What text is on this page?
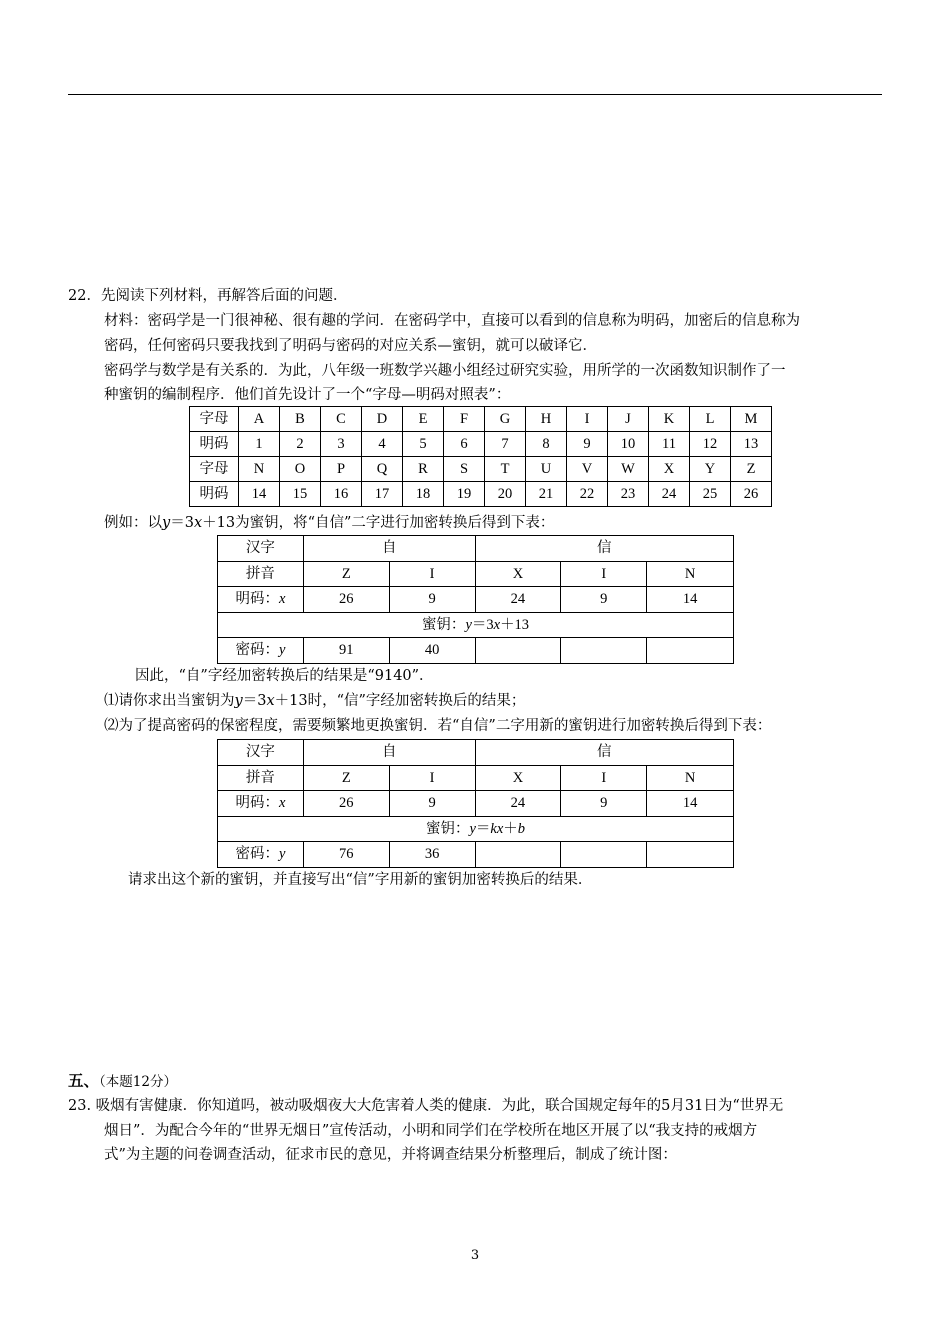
22．先阅读下列材料，再解答后面的问题．
材料：密码学是一门很神秘、很有趣的学问．在密码学中，直接可以看到的信息称为明码，加密后的信息称为
密码，任何密码只要我找到了明码与密码的对应关系—蜜钥，就可以破译它．
密码学与数学是有关系的．为此，八年级一班数学兴趣小组经过研究实验，用所学的一次函数知识制作了一
种蜜钥的编制程序．他们首先设计了一个“字母—明码对照表”：
字母	A	B	C	D	E	F	G	H	I	J	K	L	M
明码	1	2	3	4	5	6	7	8	9	10	11	12	13
字母	N	O	P	Q	R	S	T	U	V	W	X	Y	Z
明码	14	15	16	17	18	19	20	21	22	23	24	25	26
例如：以y＝3x＋13为蜜钥，将“自信”二字进行加密转换后得到下表：
汉字	自		信		
拼音	Z	I	X	I	N
明码：x	26	9	24	9	14
蜜钥：y＝3x＋13					
密码：y	91	40			
因此，“自”字经加密转换后的结果是“9140”．
⑴请你求出当蜜钥为y＝3x＋13时，“信”字经加密转换后的结果；
⑵为了提高密码的保密程度，需要频繁地更换蜜钥．若“自信”二字用新的蜜钥进行加密转换后得到下表：
汉字	自		信		
拼音	Z	I	X	I	N
明码：x	26	9	24	9	14
蜜钥：y＝kx＋b					
密码：y	76	36			
请求出这个新的蜜钥，并直接写出“信”字用新的蜜钥加密转换后的结果．
五、（本题12分）
23. 吸烟有害健康．你知道吗，被动吸烟夜大大危害着人类的健康．为此，联合国规定每年的5月31日为“世界无
烟日”．为配合今年的“世界无烟日”宣传活动，小明和同学们在学校所在地区开展了以“我支持的戒烟方
式”为主题的问卷调查活动，征求市民的意见，并将调查结果分析整理后，制成了统计图：
3
